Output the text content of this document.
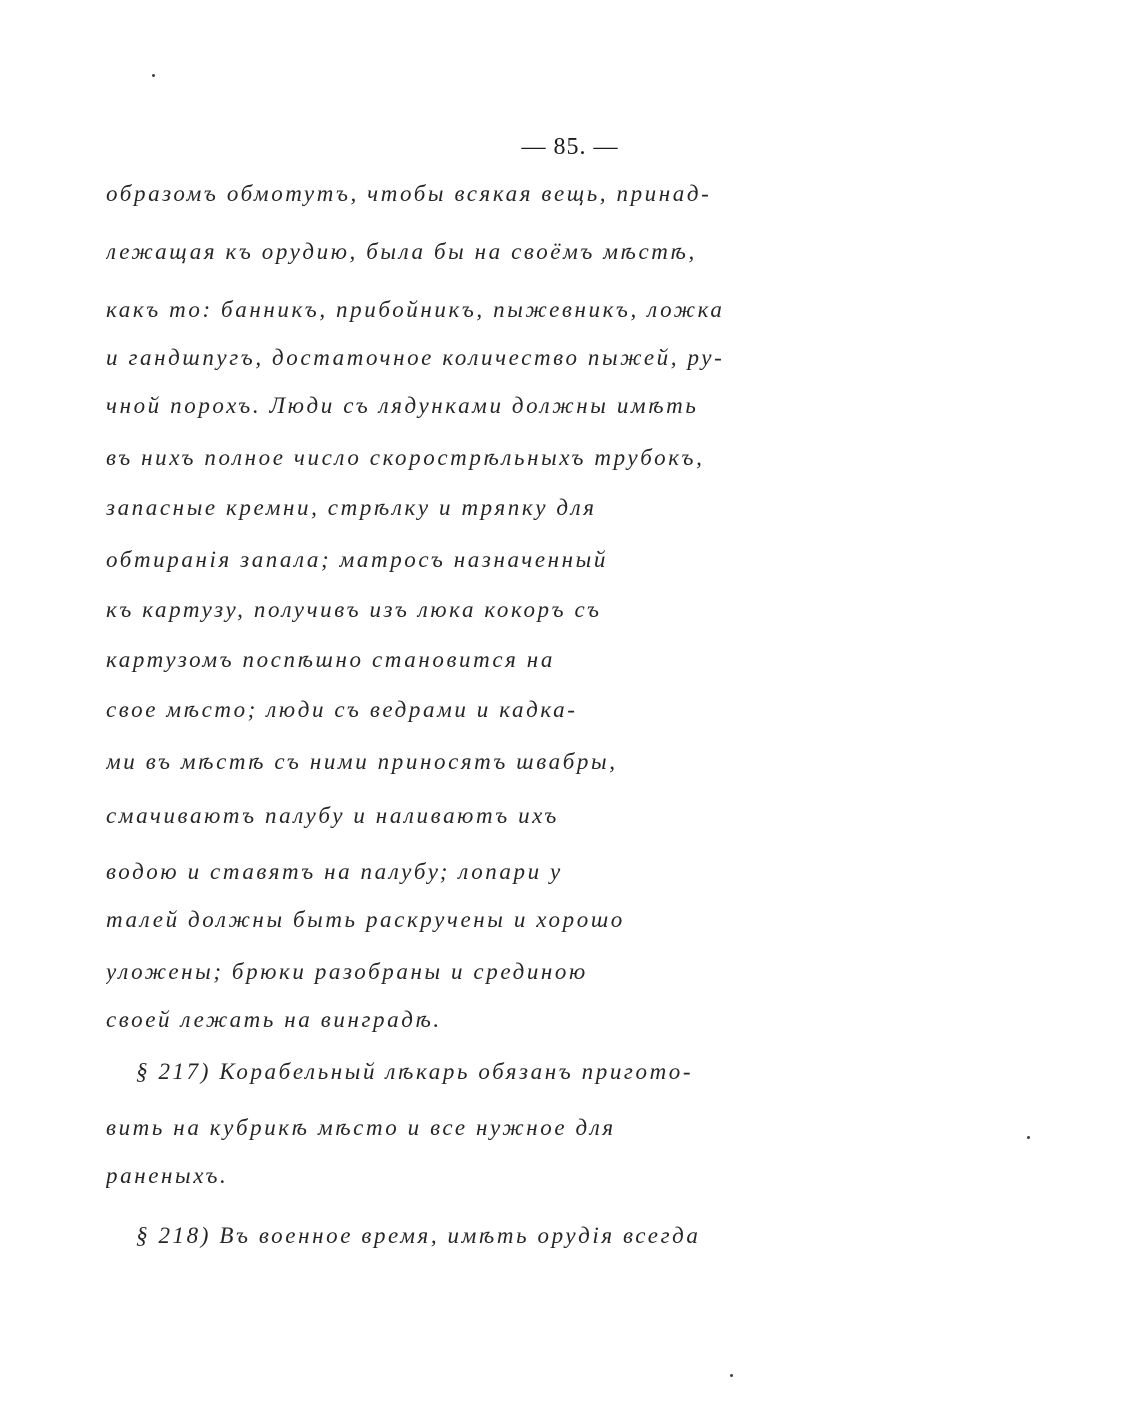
— 85. —
образомъ обмотутъ, чтобы всякая вещь, принад-
лежащая къ орудию, была бы на своёмъ мѣстѣ,
какъ то: банникъ, прибойникъ, пыжевникъ, ложка
и гандшпугъ, достаточное количество пыжей, ру-
чной порохъ. Люди съ лядунками должны имѣть
въ нихъ полное число скорострѣльныхъ трубокъ,
запасные кремни, стрѣлку и тряпку для
обтиранія запала; матросъ назначенный
къ картузу, получивъ изъ люка кокоръ съ
картузомъ поспѣшно становится на
свое мѣсто; люди съ ведрами и кадка-
ми въ мѣстѣ съ ними приносятъ швабры,
смачиваютъ палубу и наливаютъ ихъ
водою и ставятъ на палубу; лопари у
талей должны быть раскручены и хорошо
уложены; брюки разобраны и срединою
своей лежать на винградѣ.
§ 217) Корабельный лѣкарь обязанъ пригото-
вить на кубрикѣ мѣсто и все нужное для
раненыхъ.
§ 218) Въ военное время, имѣть орудія всегда
